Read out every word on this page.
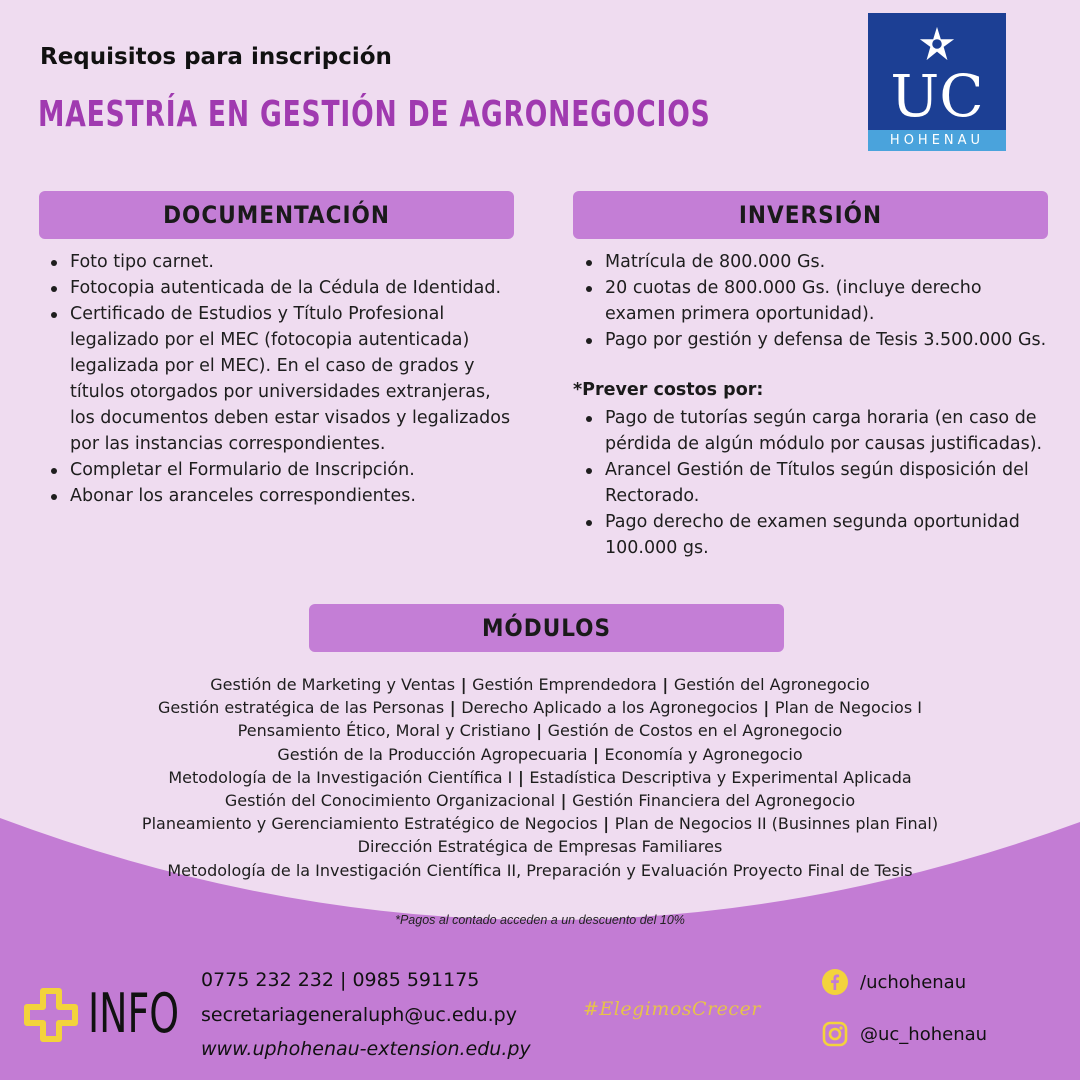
Requisitos para inscripción
MAESTRÍA EN GESTIÓN DE AGRONEGOCIOS	UC
HOHENAU
DOCUMENTACIÓN	INVERSIÓN
Foto tipo carnet.
Fotocopia autenticada de la Cédula de Identidad.
Certificado de Estudios y Título Profesional legalizado por el MEC (fotocopia autenticada) legalizada por el MEC). En el caso de grados y títulos otorgados por universidades extranjeras, los documentos deben estar visados y legalizados por las instancias correspondientes.
Completar el Formulario de Inscripción.
Abonar los aranceles correspondientes.
Matrícula de 800.000 Gs.
20 cuotas de 800.000 Gs. (incluye derecho examen primera oportunidad).
Pago por gestión y defensa de Tesis 3.500.000 Gs.
*Prever costos por:
Pago de tutorías según carga horaria (en caso de pérdida de algún módulo por causas justificadas).
Arancel Gestión de Títulos según disposición del Rectorado.
Pago derecho de examen segunda oportunidad 100.000 gs.
MÓDULOS
Gestión de Marketing y Ventas | Gestión Emprendedora | Gestión del Agronegocio
Gestión estratégica de las Personas | Derecho Aplicado a los Agronegocios | Plan de Negocios I
Pensamiento Ético, Moral y Cristiano | Gestión de Costos en el Agronegocio
Gestión de la Producción Agropecuaria | Economía y Agronegocio
Metodología de la Investigación Científica I | Estadística Descriptiva y Experimental Aplicada
Gestión del Conocimiento Organizacional | Gestión Financiera del Agronegocio
Planeamiento y Gerenciamiento Estratégico de Negocios | Plan de Negocios II (Businnes plan Final)
Dirección Estratégica de Empresas Familiares
Metodología de la Investigación Científica II, Preparación y Evaluación Proyecto Final de Tesis
*Pagos al contado acceden a un descuento del 10%
INFO
0775 232 232 | 0985 591175
secretariageneraluph@uc.edu.py
www.uphohenau-extension.edu.py
#ElegimosCrecer
/uchohenau
@uc_hohenau
